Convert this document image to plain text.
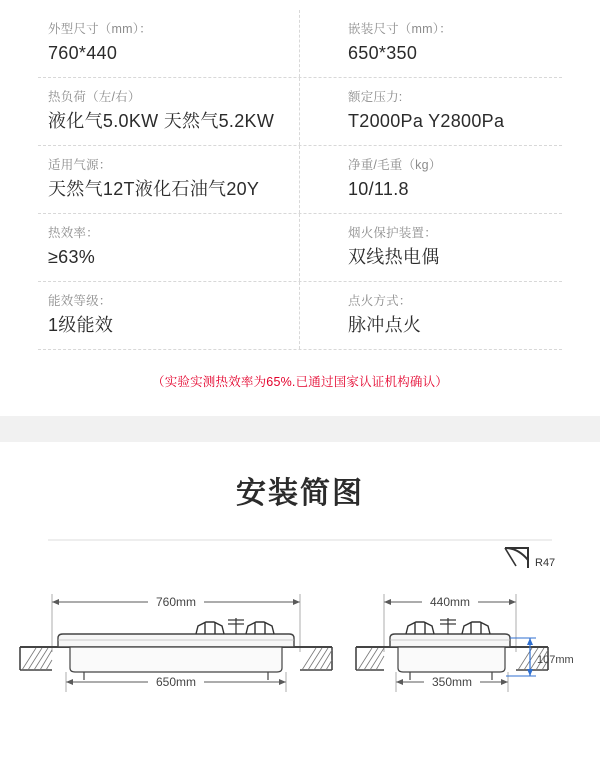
外型尺寸（mm）：
760*440
嵌装尺寸（mm）：
650*350
热负荷（左/右）
液化气5.0KW 天然气5.2KW
额定压力:
T2000Pa Y2800Pa
适用气源：
天然气12T液化石油气20Y
净重/毛重（kg）
10/11.8
热效率：
≥63%
烟火保护装置：
双线热电偶
能效等级：
1级能效
点火方式：
脉冲点火
（实验实测热效率为65%.已通过国家认证机构确认）
安装简图
R47
760mm
650mm
440mm
350mm
107mm
